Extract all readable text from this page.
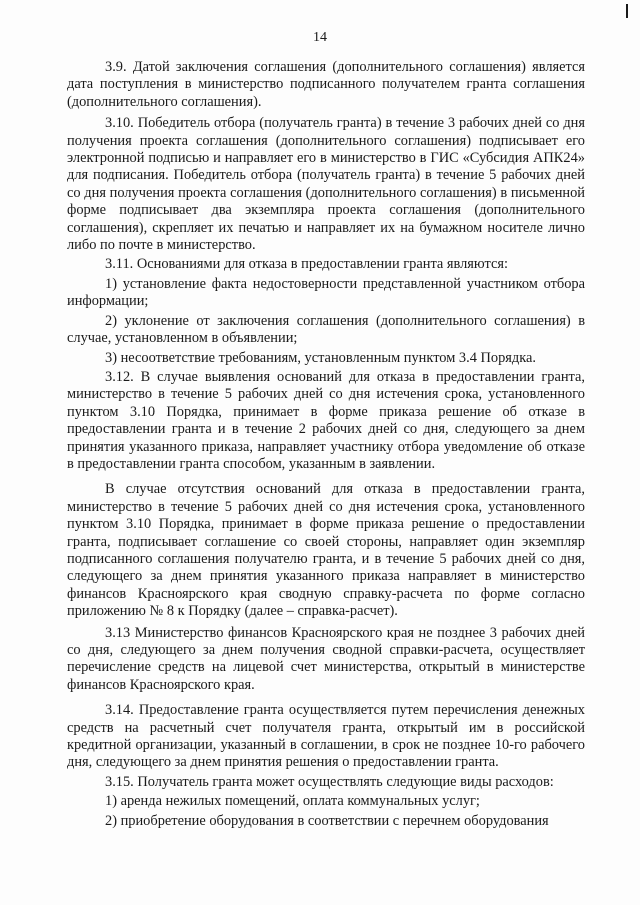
14

3.9. Датой заключения соглашения (дополнительного соглашения) является дата поступления в министерство подписанного получателем гранта соглашения (дополнительного соглашения).

3.10. Победитель отбора (получатель гранта) в течение 3 рабочих дней со дня получения проекта соглашения (дополнительного соглашения) подписывает его электронной подписью и направляет его в министерство в ГИС «Субсидия АПК24» для подписания. Победитель отбора (получатель гранта) в течение 5 рабочих дней со дня получения проекта соглашения (дополнительного соглашения) в письменной форме подписывает два экземпляра проекта соглашения (дополнительного соглашения), скрепляет их печатью и направляет их на бумажном носителе лично либо по почте в министерство.

3.11. Основаниями для отказа в предоставлении гранта являются:

1) установление факта недостоверности представленной участником отбора информации;

2) уклонение от заключения соглашения (дополнительного соглашения) в случае, установленном в объявлении;

3) несоответствие требованиям, установленным пунктом 3.4 Порядка.

3.12. В случае выявления оснований для отказа в предоставлении гранта, министерство в течение 5 рабочих дней со дня истечения срока, установленного пунктом 3.10 Порядка, принимает в форме приказа решение об отказе в предоставлении гранта и в течение 2 рабочих дней со дня, следующего за днем принятия указанного приказа, направляет участнику отбора уведомление об отказе в предоставлении гранта способом, указанным в заявлении.

В случае отсутствия оснований для отказа в предоставлении гранта, министерство в течение 5 рабочих дней со дня истечения срока, установленного пунктом 3.10 Порядка, принимает в форме приказа решение о предоставлении гранта, подписывает соглашение со своей стороны, направляет один экземпляр подписанного соглашения получателю гранта, и в течение 5 рабочих дней со дня, следующего за днем принятия указанного приказа направляет в министерство финансов Красноярского края сводную справку-расчета по форме согласно приложению № 8 к Порядку (далее – справка-расчет).

3.13 Министерство финансов Красноярского края не позднее 3 рабочих дней со дня, следующего за днем получения сводной справки-расчета, осуществляет перечисление средств на лицевой счет министерства, открытый в министерстве финансов Красноярского края.

3.14. Предоставление гранта осуществляется путем перечисления денежных средств на расчетный счет получателя гранта, открытый им в российской кредитной организации, указанный в соглашении, в срок не позднее 10-го рабочего дня, следующего за днем принятия решения о предоставлении гранта.

3.15. Получатель гранта может осуществлять следующие виды расходов:

1) аренда нежилых помещений, оплата коммунальных услуг;

2) приобретение оборудования в соответствии с перечнем оборудования
